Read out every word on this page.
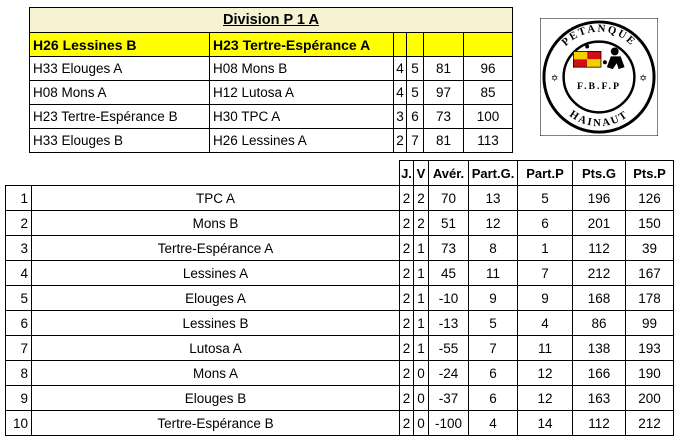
Division P 1 A					
H26 Lessines B	H23 Tertre-Espérance A				
H33 Elouges A	H08 Mons B	4	5	81	96
H08 Mons A	H12 Lutosa A	4	5	97	85
H23 Tertre-Espérance B	H30 TPC A	3	6	73	100
H33 Elouges B	H26 Lessines A	2	7	81	113
		J.	V	Avér.	Part.G.	Part.P	Pts.G	Pts.P
1	TPC A	2	2	70	13	5	196	126
2	Mons B	2	2	51	12	6	201	150
3	Tertre-Espérance A	2	1	73	8	1	112	39
4	Lessines A	2	1	45	11	7	212	167
5	Elouges A	2	1	-10	9	9	168	178
6	Lessines B	2	1	-13	5	4	86	99
7	Lutosa A	2	1	-55	7	11	138	193
8	Mons A	2	0	-24	6	12	166	190
9	Elouges B	2	0	-37	6	12	163	200
10	Tertre-Espérance B	2	0	-100	4	14	112	212
PETANQUE
HAINAUT
✡	✡
F.B.F.P
